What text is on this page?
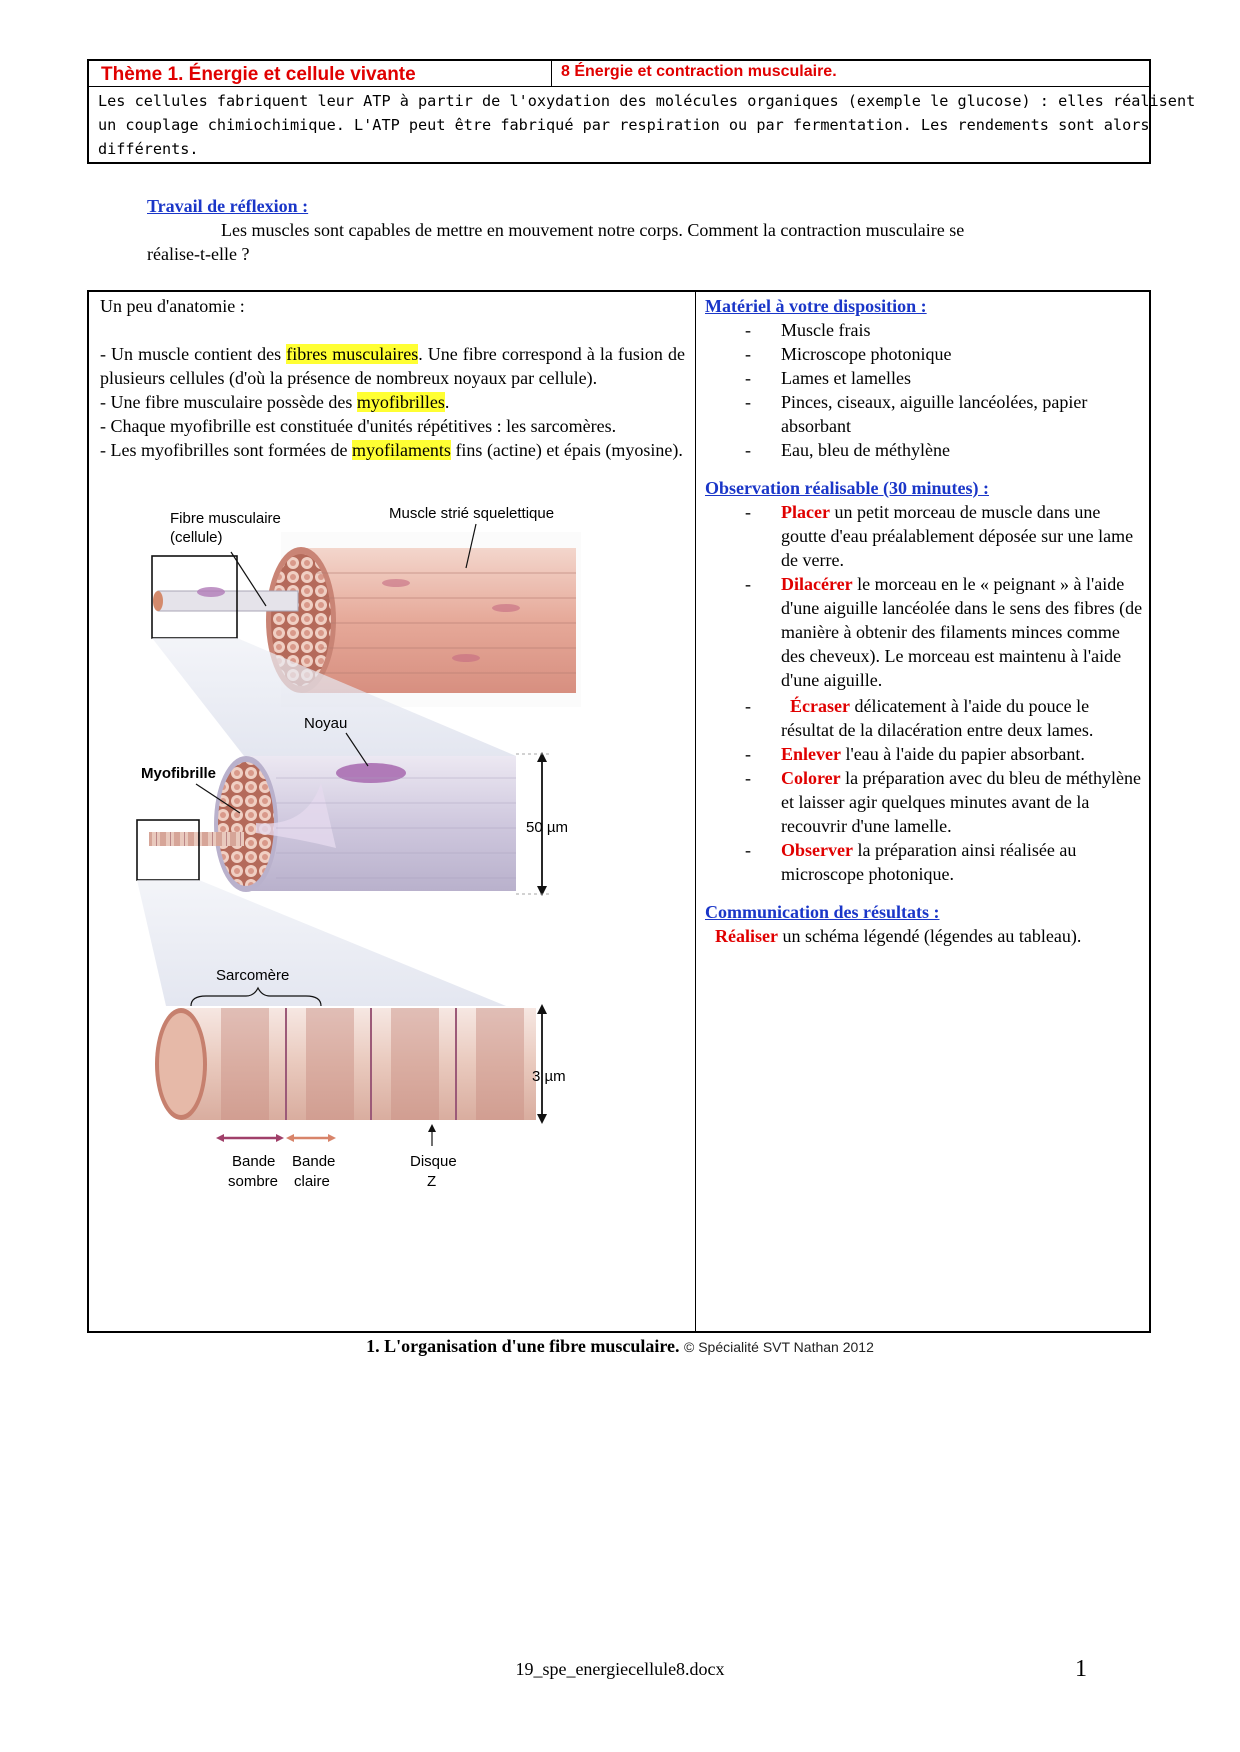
Thème 1. Énergie et cellule vivante	8 Énergie et contraction musculaire.
Les cellules fabriquent leur ATP à partir de l'oxydation des molécules organiques (exemple le glucose) : elles réalisent
un couplage chimiochimique. L'ATP peut être fabriqué par respiration ou par fermentation. Les rendements sont alors
différents.
Travail de réflexion :
Les muscles sont capables de mettre en mouvement notre corps. Comment la contraction musculaire se
réalise-t-elle ?

Un peu d'anatomie :

- Un muscle contient des fibres musculaires. Une fibre correspond à la fusion de plusieurs cellules (d'où la présence de nombreux noyaux par cellule).

- Une fibre musculaire possède des myofibrilles.

- Chaque myofibrille est constituée d'unités répétitives : les sarcomères.

- Les myofibrilles sont formées de myofilaments fins (actine) et épais (myosine).

Matériel à votre disposition :
- Muscle frais
- Microscope photonique
- Lames et lamelles
- Pinces, ciseaux, aiguille lancéolées, papier absorbant
- Eau, bleu de méthylène
Observation réalisable (30 minutes) :
- Placer un petit morceau de muscle dans une goutte d'eau préalablement déposée sur une lame de verre.
- Dilacérer le morceau en le « peignant » à l'aide d'une aiguille lancéolée dans le sens des fibres (de manière à obtenir des filaments minces comme des cheveux). Le morceau est maintenu à l'aide d'une aiguille.
- Écraser délicatement à l'aide du pouce le résultat de la dilacération entre deux lames.
- Enlever l'eau à l'aide du papier absorbant.
- Colorer la préparation avec du bleu de méthylène et laisser agir quelques minutes avant de la recouvrir d'une lamelle.
- Observer la préparation ainsi réalisée au microscope photonique.
Communication des résultats :
Réaliser un schéma légendé (légendes au tableau).
Fibre musculaire
(cellule)
Muscle strié squelettique
Noyau
Myofibrille
50 µm
Sarcomère
3 µm
Bande
sombre
Bande
claire
Disque
Z
1. L'organisation d'une fibre musculaire. © Spécialité SVT Nathan 2012
19_spe_energiecellule8.docx	1
